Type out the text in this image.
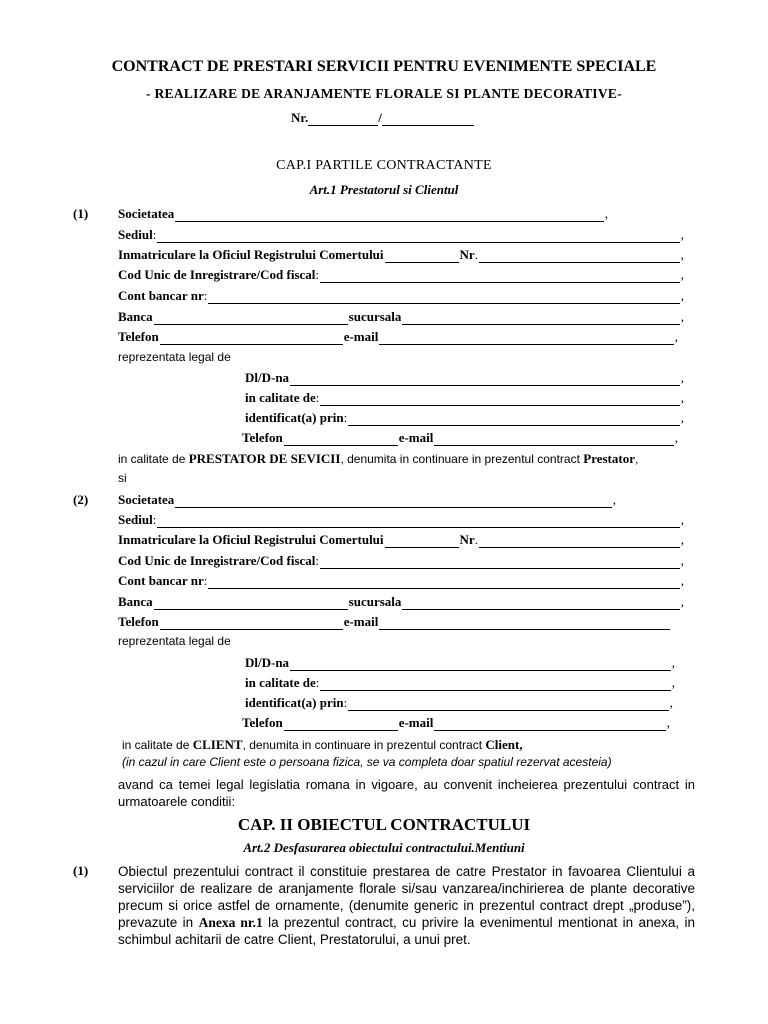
CONTRACT DE PRESTARI SERVICII PENTRU EVENIMENTE SPECIALE
- REALIZARE DE ARANJAMENTE FLORALE SI PLANTE DECORATIVE-
Nr.	/
CAP.I PARTILE CONTRACTANTE
Art.1 Prestatorul si Clientul
(1) Societatea	,
Sediul :	,
Inmatriculare la Oficiul Registrului Comertului	Nr .	,
Cod Unic de Inregistrare/Cod fiscal :	,
Cont bancar nr :	,
Banca	sucursala	,
Telefon	e-mail	,
reprezentata legal de
Dl/D-na	,
in calitate de :	,
identificat(a) prin :	,
Telefon	e-mail	,
in calitate de PRESTATOR DE SEVICII, denumita in continuare in prezentul contract Prestator,
si
(2) Societatea	,
Sediul :	,
Inmatriculare la Oficiul Registrului Comertului	Nr .	,
Cod Unic de Inregistrare/Cod fiscal :	,
Cont bancar nr :	,
Banca	sucursala	,
Telefon	e-mail
reprezentata legal de
Dl/D-na	,
in calitate de :	,
identificat(a) prin :	,
Telefon	e-mail	,
in calitate de CLIENT, denumita in continuare in prezentul contract Client,
(in cazul in care Client este o persoana fizica, se va completa doar spatiul rezervat acesteia)
avand ca temei legal legislatia romana in vigoare, au convenit incheierea prezentului contract in urmatoarele conditii:
CAP. II OBIECTUL CONTRACTULUI
Art.2 Desfasurarea obiectului contractului.Mentiuni
(1) Obiectul prezentului contract il constituie prestarea de catre Prestator in favoarea Clientului a serviciilor de realizare de aranjamente florale si/sau vanzarea/inchirierea de plante decorative precum si orice astfel de ornamente, (denumite generic in prezentul contract drept „produse”), prevazute in Anexa nr.1 la prezentul contract, cu privire la evenimentul mentionat in anexa, in schimbul achitarii de catre Client, Prestatorului, a unui pret.
